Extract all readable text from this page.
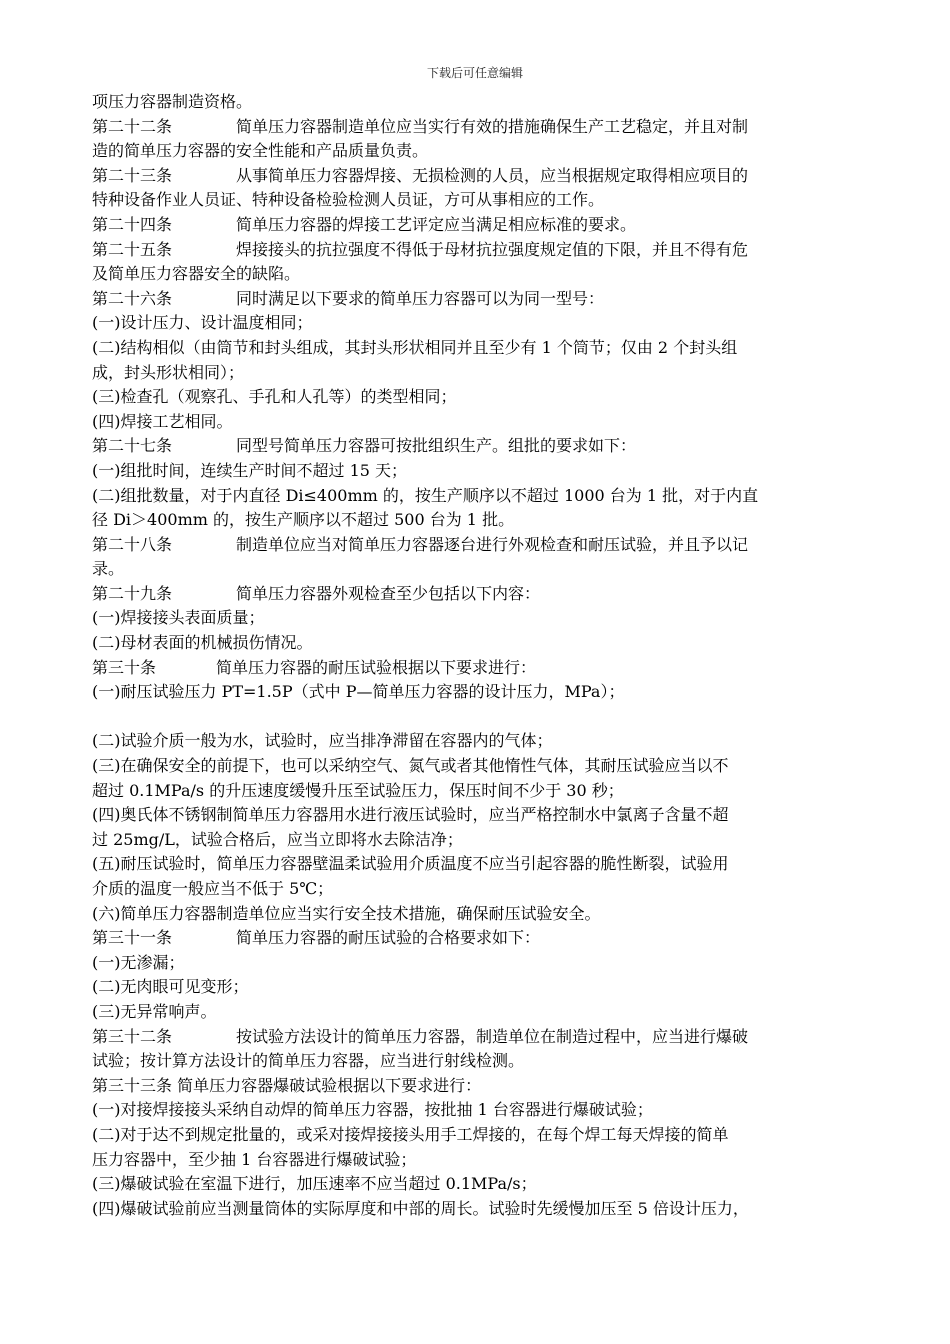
下载后可任意编辑
项压力容器制造资格。
第二十二条	简单压力容器制造单位应当实行有效的措施确保生产工艺稳定，并且对制
造的简单压力容器的安全性能和产品质量负责。
第二十三条	从事简单压力容器焊接、无损检测的人员，应当根据规定取得相应项目的
特种设备作业人员证、特种设备检验检测人员证，方可从事相应的工作。
第二十四条	简单压力容器的焊接工艺评定应当满足相应标准的要求。
第二十五条	焊接接头的抗拉强度不得低于母材抗拉强度规定值的下限，并且不得有危
及简单压力容器安全的缺陷。
第二十六条	同时满足以下要求的简单压力容器可以为同一型号：
(一)设计压力、设计温度相同；
(二)结构相似（由筒节和封头组成，其封头形状相同并且至少有 1 个筒节；仅由 2 个封头组
成，封头形状相同）；
(三)检查孔（观察孔、手孔和人孔等）的类型相同；
(四)焊接工艺相同。
第二十七条	同型号简单压力容器可按批组织生产。组批的要求如下：
(一)组批时间，连续生产时间不超过 15 天；
(二)组批数量，对于内直径 Di≤400mm 的，按生产顺序以不超过 1000 台为 1 批，对于内直
径 Di＞400mm 的，按生产顺序以不超过 500 台为 1 批。
第二十八条	制造单位应当对简单压力容器逐台进行外观检查和耐压试验，并且予以记
录。
第二十九条	简单压力容器外观检查至少包括以下内容：
(一)焊接接头表面质量；
(二)母材表面的机械损伤情况。
第三十条	简单压力容器的耐压试验根据以下要求进行：
(一)耐压试验压力 PT=1.5P（式中 P—简单压力容器的设计压力，MPa）；
(二)试验介质一般为水，试验时，应当排净滞留在容器内的气体；
(三)在确保安全的前提下，也可以采纳空气、氮气或者其他惰性气体，其耐压试验应当以不
超过 0.1MPa/s 的升压速度缓慢升压至试验压力，保压时间不少于 30 秒；
(四)奥氏体不锈钢制简单压力容器用水进行液压试验时，应当严格控制水中氯离子含量不超
过 25mg/L，试验合格后，应当立即将水去除洁净；
(五)耐压试验时，简单压力容器壁温柔试验用介质温度不应当引起容器的脆性断裂，试验用
介质的温度一般应当不低于 5℃；
(六)简单压力容器制造单位应当实行安全技术措施，确保耐压试验安全。
第三十一条	简单压力容器的耐压试验的合格要求如下：
(一)无渗漏；
(二)无肉眼可见变形；
(三)无异常响声。
第三十二条	按试验方法设计的简单压力容器，制造单位在制造过程中，应当进行爆破
试验；按计算方法设计的简单压力容器，应当进行射线检测。
第三十三条 简单压力容器爆破试验根据以下要求进行：
(一)对接焊接接头采纳自动焊的简单压力容器，按批抽 1 台容器进行爆破试验；
(二)对于达不到规定批量的，或采对接焊接接头用手工焊接的，在每个焊工每天焊接的简单
压力容器中，至少抽 1 台容器进行爆破试验；
(三)爆破试验在室温下进行，加压速率不应当超过 0.1MPa/s；
(四)爆破试验前应当测量筒体的实际厚度和中部的周长。试验时先缓慢加压至 5 倍设计压力，
